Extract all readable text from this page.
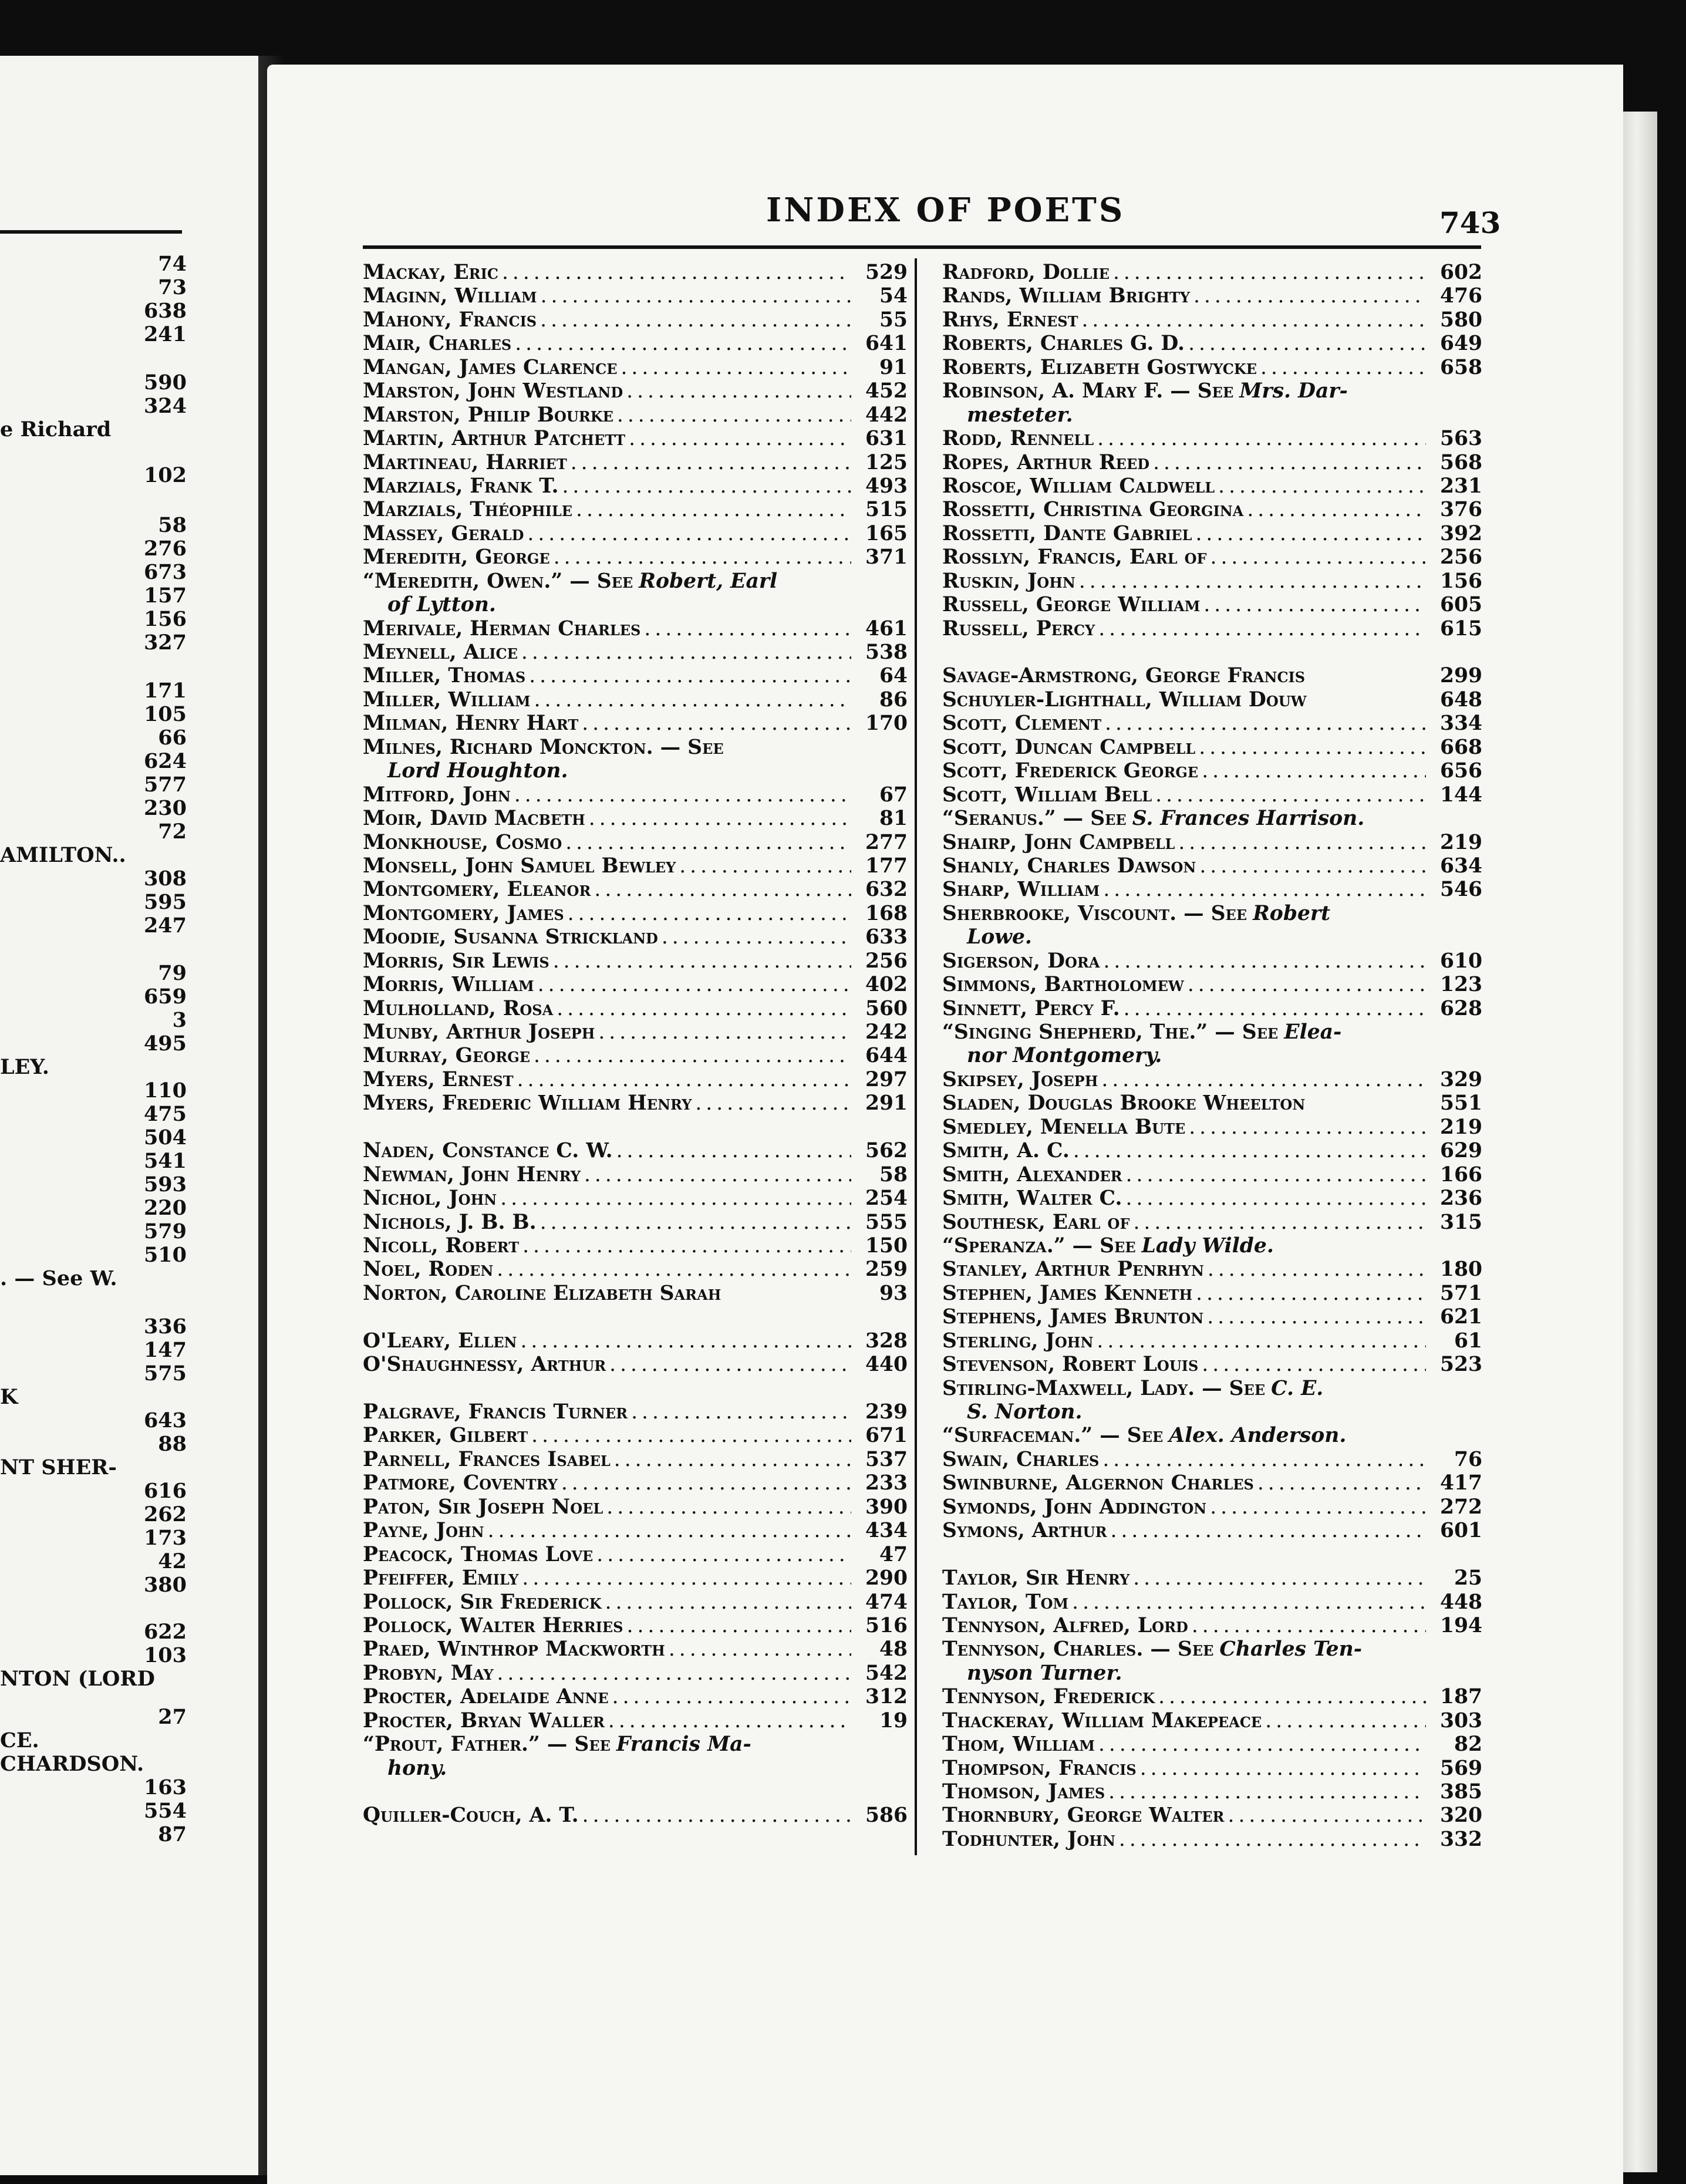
74
73
638
241
590
324
e Richard
102
58
276
673
157
156
327
171
105
66
624
577
230
72
AMILTON..
308
595
247
79
659
3
495
LEY.
110
475
504
541
593
220
579
510
. — See W.
336
147
575
K
643
88
NT SHER-
616
262
173
42
380
622
103
NTON (LORD
27
CE.
CHARDSON.
163
554
87
INDEX OF POETS	743
Mackay, Eric . . .	529
Maginn, William . . .	54
Mahony, Francis . . .	55
Mair, Charles . . .	641
Mangan, James Clarence . . .	91
Marston, John Westland . . .	452
Marston, Philip Bourke . . .	442
Martin, Arthur Patchett . . .	631
Martineau, Harriet . . .	125
Marzials, Frank T. . . .	493
Marzials, Théophile . . .	515
Massey, Gerald . . .	165
Meredith, George . . .	371
“Meredith, Owen.” — See Robert, Earl
of Lytton.
Merivale, Herman Charles . . .	461
Meynell, Alice . . .	538
Miller, Thomas . . .	64
Miller, William . . .	86
Milman, Henry Hart . . .	170
Milnes, Richard Monckton. — See
Lord Houghton.
Mitford, John . . .	67
Moir, David Macbeth . . .	81
Monkhouse, Cosmo . . .	277
Monsell, John Samuel Bewley . . .	177
Montgomery, Eleanor . . .	632
Montgomery, James . . .	168
Moodie, Susanna Strickland . . .	633
Morris, Sir Lewis . . .	256
Morris, William . . .	402
Mulholland, Rosa . . .	560
Munby, Arthur Joseph . . .	242
Murray, George . . .	644
Myers, Ernest . . .	297
Myers, Frederic William Henry . . .	291
Naden, Constance C. W. . . .	562
Newman, John Henry . . .	58
Nichol, John . . .	254
Nichols, J. B. B. . . .	555
Nicoll, Robert . . .	150
Noel, Roden . . .	259
Norton, Caroline Elizabeth Sarah	93
O'Leary, Ellen . . .	328
O'Shaughnessy, Arthur . . .	440
Palgrave, Francis Turner . . .	239
Parker, Gilbert . . .	671
Parnell, Frances Isabel . . .	537
Patmore, Coventry . . .	233
Paton, Sir Joseph Noel . . .	390
Payne, John . . .	434
Peacock, Thomas Love . . .	47
Pfeiffer, Emily . . .	290
Pollock, Sir Frederick . . .	474
Pollock, Walter Herries . . .	516
Praed, Winthrop Mackworth . . .	48
Probyn, May . . .	542
Procter, Adelaide Anne . . .	312
Procter, Bryan Waller . . .	19
“Prout, Father.” — See Francis Ma-
hony.
Quiller-Couch, A. T. . . .	586
Radford, Dollie . . .	602
Rands, William Brighty . . .	476
Rhys, Ernest . . .	580
Roberts, Charles G. D. . . .	649
Roberts, Elizabeth Gostwycke . . .	658
Robinson, A. Mary F. — See Mrs. Dar-
mesteter.
Rodd, Rennell . . .	563
Ropes, Arthur Reed . . .	568
Roscoe, William Caldwell . . .	231
Rossetti, Christina Georgina . . .	376
Rossetti, Dante Gabriel . . .	392
Rosslyn, Francis, Earl of . . .	256
Ruskin, John . . .	156
Russell, George William . . .	605
Russell, Percy . . .	615
Savage-Armstrong, George Francis	299
Schuyler-Lighthall, William Douw	648
Scott, Clement . . .	334
Scott, Duncan Campbell . . .	668
Scott, Frederick George . . .	656
Scott, William Bell . . .	144
“Seranus.” — See S. Frances Harrison.
Shairp, John Campbell . . .	219
Shanly, Charles Dawson . . .	634
Sharp, William . . .	546
Sherbrooke, Viscount. — See Robert
Lowe.
Sigerson, Dora . . .	610
Simmons, Bartholomew . . .	123
Sinnett, Percy F. . . .	628
“Singing Shepherd, The.” — See Elea-
nor Montgomery.
Skipsey, Joseph . . .	329
Sladen, Douglas Brooke Wheelton	551
Smedley, Menella Bute . . .	219
Smith, A. C. . . .	629
Smith, Alexander . . .	166
Smith, Walter C. . . .	236
Southesk, Earl of . . .	315
“Speranza.” — See Lady Wilde.
Stanley, Arthur Penrhyn . . .	180
Stephen, James Kenneth . . .	571
Stephens, James Brunton . . .	621
Sterling, John . . .	61
Stevenson, Robert Louis . . .	523
Stirling-Maxwell, Lady. — See C. E.
S. Norton.
“Surfaceman.” — See Alex. Anderson.
Swain, Charles . . .	76
Swinburne, Algernon Charles . . .	417
Symonds, John Addington . . .	272
Symons, Arthur . . .	601
Taylor, Sir Henry . . .	25
Taylor, Tom . . .	448
Tennyson, Alfred, Lord . . .	194
Tennyson, Charles. — See Charles Ten-
nyson Turner.
Tennyson, Frederick . . .	187
Thackeray, William Makepeace . . .	303
Thom, William . . .	82
Thompson, Francis . . .	569
Thomson, James . . .	385
Thornbury, George Walter . . .	320
Todhunter, John . . .	332
